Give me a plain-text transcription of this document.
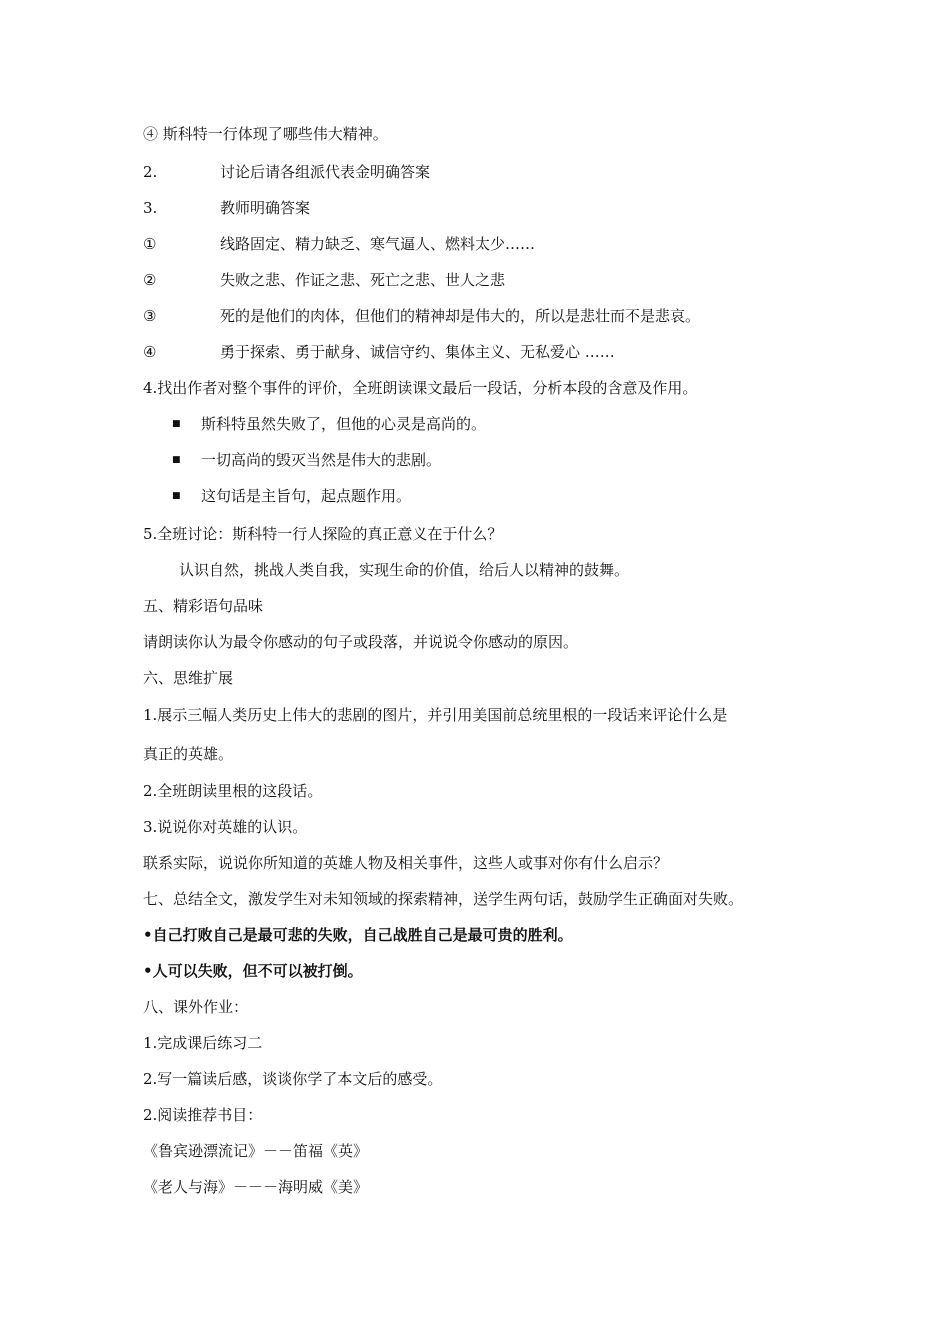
④ 斯科特一行体现了哪些伟大精神。
2.	讨论后请各组派代表金明确答案
3.	教师明确答案
①	线路固定、精力缺乏、寒气逼人、燃料太少……
②	失败之悲、作证之悲、死亡之悲、世人之悲
③	死的是他们的肉体，但他们的精神却是伟大的，所以是悲壮而不是悲哀。
④	勇于探索、勇于献身、诚信守约、集体主义、无私爱心 ……
4.找出作者对整个事件的评价，全班朗读课文最后一段话，分析本段的含意及作用。
■ 斯科特虽然失败了，但他的心灵是高尚的。
■ 一切高尚的毁灭当然是伟大的悲剧。
■ 这句话是主旨句，起点题作用。
5.全班讨论：斯科特一行人探险的真正意义在于什么？
认识自然，挑战人类自我，实现生命的价值，给后人以精神的鼓舞。
五、精彩语句品味
请朗读你认为最令你感动的句子或段落，并说说令你感动的原因。
六、思维扩展
1.展示三幅人类历史上伟大的悲剧的图片，并引用美国前总统里根的一段话来评论什么是
真正的英雄。
2.全班朗读里根的这段话。
3.说说你对英雄的认识。
联系实际，说说你所知道的英雄人物及相关事件，这些人或事对你有什么启示？
七、总结全文，激发学生对未知领域的探索精神，送学生两句话，鼓励学生正确面对失败。
•自己打败自己是最可悲的失败，自己战胜自己是最可贵的胜利。
•人可以失败，但不可以被打倒。
八、课外作业：
1.完成课后练习二
2.写一篇读后感，谈谈你学了本文后的感受。
2.阅读推荐书目：
《鲁宾逊漂流记》－－笛福《英》
《老人与海》－－－海明威《美》
